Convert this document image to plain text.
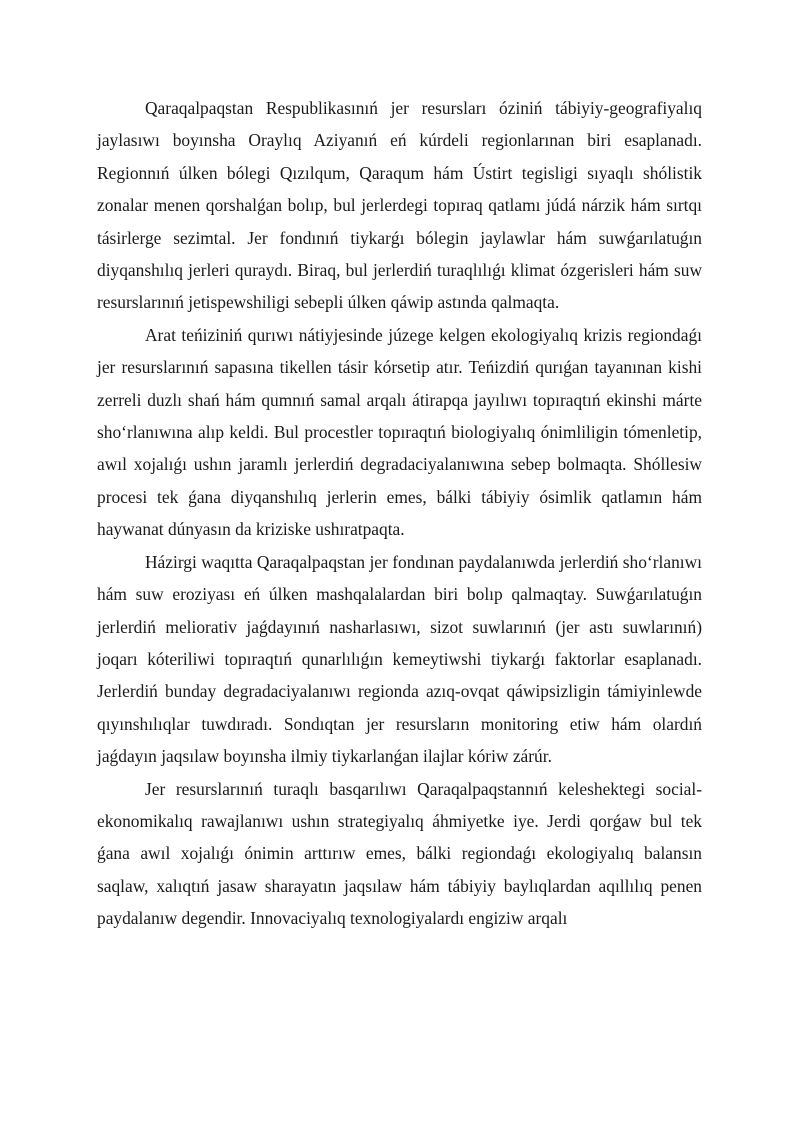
Qaraqalpaqstan Respublikasınıń jer resursları óziniń tábiyiy-geografiyalıq jaylasıwı boyınsha Oraylıq Aziyanıń eń kúrdeli regionlarınan biri esaplanadı. Regionnıń úlken bólegi Qızılqum, Qaraqum hám Ústirt tegisligi sıyaqlı shólistik zonalar menen qorshalǵan bolıp, bul jerlerdegi topıraq qatlamı júdá nárzik hám sırtqı tásirlerge sezimtal. Jer fondınıń tiykarǵı bólegin jaylawlar hám suwǵarılatuǵın diyqanshılıq jerleri quraydı. Biraq, bul jerlerdiń turaqlılıǵı klimat ózgerisleri hám suw resurslarınıń jetispewshiligi sebepli úlken qáwip astında qalmaqta.

Arat teńiziniń qurıwı nátiyjesinde júzege kelgen ekologiyalıq krizis regiondaǵı jer resurslarınıń sapasına tikellen tásir kórsetip atır. Teńizdiń qurıǵan tayanınan kishi zerreli duzlı shań hám qumnıń samal arqalı átirapqa jayılıwı topıraqtıń ekinshi márte sho‘rlanıwına alıp keldi. Bul procestler topıraqtıń biologiyalıq ónimliligin tómenletip, awıl xojalıǵı ushın jaramlı jerlerdiń degradaciyalanıwına sebep bolmaqta. Shóllesiw procesi tek ǵana diyqanshılıq jerlerin emes, bálki tábiyiy ósimlik qatlamın hám haywanat dúnyasın da kriziske ushıratpaqta.

Házirgi waqıtta Qaraqalpaqstan jer fondınan paydalanıwda jerlerdiń sho‘rlanıwı hám suw eroziyası eń úlken mashqalalardan biri bolıp qalmaqtay. Suwǵarılatuǵın jerlerdiń meliorativ jaǵdayınıń nasharlasıwı, sizot suwlarınıń (jer astı suwlarınıń) joqarı kóteriliwi topıraqtıń qunarlılıǵın kemeytiwshi tiykarǵı faktorlar esaplanadı. Jerlerdiń bunday degradaciyalanıwı regionda azıq-ovqat qáwipsizligin támiyinlewde qıyınshılıqlar tuwdıradı. Sondıqtan jer resursların monitoring etiw hám olardıń jaǵdayın jaqsılaw boyınsha ilmiy tiykarlanǵan ilajlar kóriw zárúr.

Jer resurslarınıń turaqlı basqarılıwı Qaraqalpaqstannıń keleshektegi social-ekonomikalıq rawajlanıwı ushın strategiyalıq áhmiyetke iye. Jerdi qorǵaw bul tek ǵana awıl xojalıǵı ónimin arttırıw emes, bálki regiondaǵı ekologiyalıq balansın saqlaw, xalıqtıń jasaw sharayatın jaqsılaw hám tábiyiy baylıqlardan aqıllılıq penen paydalanıw degendir. Innovaciyalıq texnologiyalardı engiziw arqalı
